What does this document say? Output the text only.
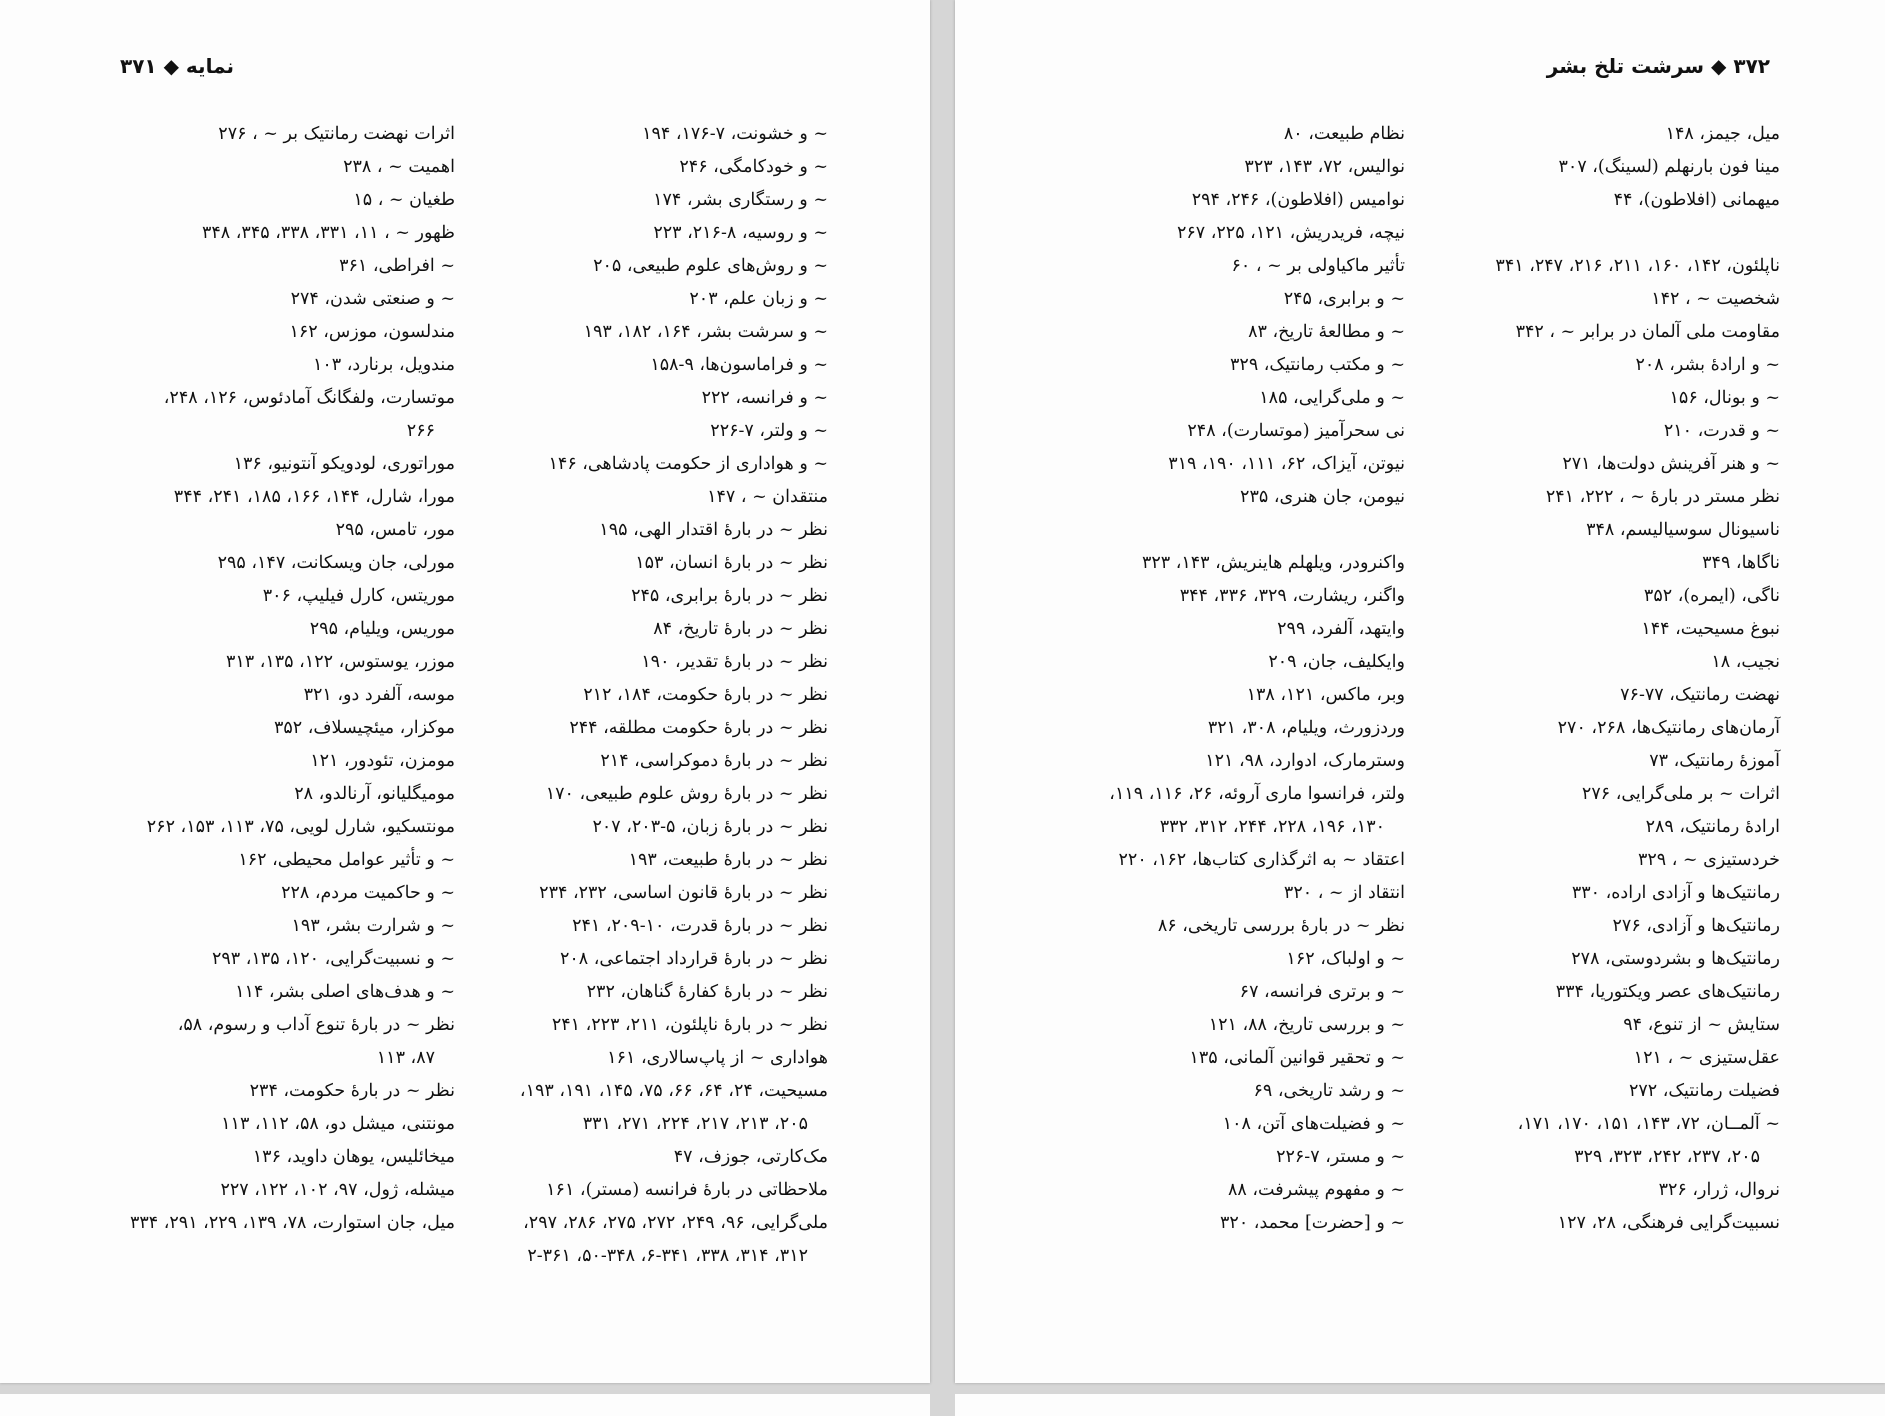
نمایه ◆ ۳۷۱
~ و خشونت، ۷-۱۷۶، ۱۹۴
~ و خودکامگی، ۲۴۶
~ و رستگاری بشر، ۱۷۴
~ و روسیه، ۸-۲۱۶، ۲۲۳
~ و روش‌های علوم طبیعی، ۲۰۵
~ و زبان علم، ۲۰۳
~ و سرشت بشر، ۱۶۴، ۱۸۲، ۱۹۳
~ و فراماسون‌ها، ۹-۱۵۸
~ و فرانسه، ۲۲۲
~ و ولتر، ۷-۲۲۶
~ و هواداری از حکومت پادشاهی، ۱۴۶
منتقدان ~ ، ۱۴۷
نظر ~ در بارهٔ اقتدار الهی، ۱۹۵
نظر ~ در بارهٔ انسان، ۱۵۳
نظر ~ در بارهٔ برابری، ۲۴۵
نظر ~ در بارهٔ تاریخ، ۸۴
نظر ~ در بارهٔ تقدیر، ۱۹۰
نظر ~ در بارهٔ حکومت، ۱۸۴، ۲۱۲
نظر ~ در بارهٔ حکومت مطلقه، ۲۴۴
نظر ~ در بارهٔ دموکراسی، ۲۱۴
نظر ~ در بارهٔ روش علوم طبیعی، ۱۷۰
نظر ~ در بارهٔ زبان، ۵-۲۰۳، ۲۰۷
نظر ~ در بارهٔ طبیعت، ۱۹۳
نظر ~ در بارهٔ قانون اساسی، ۲۳۲، ۲۳۴
نظر ~ در بارهٔ قدرت، ۱۰-۲۰۹، ۲۴۱
نظر ~ در بارهٔ قرارداد اجتماعی، ۲۰۸
نظر ~ در بارهٔ کفارهٔ گناهان، ۲۳۲
نظر ~ در بارهٔ ناپلئون، ۲۱۱، ۲۲۳، ۲۴۱
هواداری ~ از پاپ‌سالاری، ۱۶۱
مسیحیت، ۲۴، ۶۴، ۶۶، ۷۵، ۱۴۵، ۱۹۱، ۱۹۳،
۲۰۵، ۲۱۳، ۲۱۷، ۲۲۴، ۲۷۱، ۳۳۱
مک‌کارتی، جوزف، ۴۷
ملاحظاتی در بارهٔ فرانسه (مستر)، ۱۶۱
ملی‌گرایی، ۹۶، ۲۴۹، ۲۷۲، ۲۷۵، ۲۸۶، ۲۹۷،
۳۱۲، ۳۱۴، ۳۳۸، ۶-۳۴۱، ۵۰-۳۴۸، ۲-۳۶۱
اثرات نهضت رمانتیک بر ~ ، ۲۷۶
اهمیت ~ ، ۲۳۸
طغیان ~ ، ۱۵
ظهور ~ ، ۱۱، ۳۳۱، ۳۳۸، ۳۴۵، ۳۴۸
~ افراطی، ۳۶۱
~ و صنعتی شدن، ۲۷۴
مندلسون، موزس، ۱۶۲
مندویل، برنارد، ۱۰۳
موتسارت، ولفگانگ آمادئوس، ۱۲۶، ۲۴۸،
۲۶۶
موراتوری، لودویکو آنتونیو، ۱۳۶
مورا، شارل، ۱۴۴، ۱۶۶، ۱۸۵، ۲۴۱، ۳۴۴
مور، تامس، ۲۹۵
مورلی، جان ویسکانت، ۱۴۷، ۲۹۵
موریتس، کارل فیلیپ، ۳۰۶
موریس، ویلیام، ۲۹۵
موزر، یوستوس، ۱۲۲، ۱۳۵، ۳۱۳
موسه، آلفرد دو، ۳۲۱
موکزار، میئچیسلاف، ۳۵۲
مومزن، تئودور، ۱۲۱
مومیگلیانو، آرنالدو، ۲۸
مونتسکیو، شارل لویی، ۷۵، ۱۱۳، ۱۵۳، ۲۶۲
~ و تأثیر عوامل محیطی، ۱۶۲
~ و حاکمیت مردم، ۲۲۸
~ و شرارت بشر، ۱۹۳
~ و نسبیت‌گرایی، ۱۲۰، ۱۳۵، ۲۹۳
~ و هدف‌های اصلی بشر، ۱۱۴
نظر ~ در بارهٔ تنوع آداب و رسوم، ۵۸،
۸۷، ۱۱۳
نظر ~ در بارهٔ حکومت، ۲۳۴
مونتنی، میشل دو، ۵۸، ۱۱۲، ۱۱۳
میخائلیس، یوهان داوید، ۱۳۶
میشله، ژول، ۹۷، ۱۰۲، ۱۲۲، ۲۲۷
میل، جان استوارت، ۷۸، ۱۳۹، ۲۲۹، ۲۹۱، ۳۳۴
۳۷۲ ◆ سرشت تلخ بشر
میل، جیمز، ۱۴۸
مینا فون بارنهلم (لسینگ)، ۳۰۷
میهمانی (افلاطون)، ۴۴
ناپلئون، ۱۴۲، ۱۶۰، ۲۱۱، ۲۱۶، ۲۴۷، ۳۴۱
شخصیت ~ ، ۱۴۲
مقاومت ملی آلمان در برابر ~ ، ۳۴۲
~ و ارادهٔ بشر، ۲۰۸
~ و بونال، ۱۵۶
~ و قدرت، ۲۱۰
~ و هنر آفرینش دولت‌ها، ۲۷۱
نظر مستر در بارهٔ ~ ، ۲۲۲، ۲۴۱
ناسیونال سوسیالیسم، ۳۴۸
ناگاها، ۳۴۹
ناگی، (ایمره)، ۳۵۲
نبوغ مسیحیت، ۱۴۴
نجیب، ۱۸
نهضت رمانتیک، ۷۷-۷۶
آرمان‌های رمانتیک‌ها، ۲۶۸، ۲۷۰
آموزهٔ رمانتیک، ۷۳
اثرات ~ بر ملی‌گرایی، ۲۷۶
ارادهٔ رمانتیک، ۲۸۹
خردستیزی ~ ، ۳۲۹
رمانتیک‌ها و آزادی اراده، ۳۳۰
رمانتیک‌ها و آزادی، ۲۷۶
رمانتیک‌ها و بشردوستی، ۲۷۸
رمانتیک‌های عصر ویکتوریا، ۳۳۴
ستایش ~ از تنوع، ۹۴
عقل‌ستیزی ~ ، ۱۲۱
فضیلت رمانتیک، ۲۷۲
~ آلمــان، ۷۲، ۱۴۳، ۱۵۱، ۱۷۰، ۱۷۱،
۲۰۵، ۲۳۷، ۲۴۲، ۳۲۳، ۳۲۹
نروال، ژرار، ۳۲۶
نسبیت‌گرایی فرهنگی، ۲۸، ۱۲۷
نظام طبیعت، ۸۰
نوالیس، ۷۲، ۱۴۳، ۳۲۳
نوامیس (افلاطون)، ۲۴۶، ۲۹۴
نیچه، فریدریش، ۱۲۱، ۲۲۵، ۲۶۷
تأثیر ماکیاولی بر ~ ، ۶۰
~ و برابری، ۲۴۵
~ و مطالعهٔ تاریخ، ۸۳
~ و مکتب رمانتیک، ۳۲۹
~ و ملی‌گرایی، ۱۸۵
نی سحرآمیز (موتسارت)، ۲۴۸
نیوتن، آیزاک، ۶۲، ۱۱۱، ۱۹۰، ۳۱۹
نیومن، جان هنری، ۲۳۵
واکنرودر، ویلهلم هاینریش، ۱۴۳، ۳۲۳
واگنر، ریشارت، ۳۲۹، ۳۳۶، ۳۴۴
وایتهد، آلفرد، ۲۹۹
وایکلیف، جان، ۲۰۹
وبر، ماکس، ۱۲۱، ۱۳۸
وردزورث، ویلیام، ۳۰۸، ۳۲۱
وسترمارک، ادوارد، ۹۸، ۱۲۱
ولتر، فرانسوا ماری آروئه، ۲۶، ۱۱۶، ۱۱۹،
۱۳۰، ۱۹۶، ۲۲۸، ۲۴۴، ۳۱۲، ۳۳۲
اعتقاد ~ به اثرگذاری کتاب‌ها، ۱۶۲، ۲۲۰
انتقاد از ~ ، ۳۲۰
نظر ~ در بارهٔ بررسی تاریخی، ۸۶
~ و اولباک، ۱۶۲
~ و برتری فرانسه، ۶۷
~ و بررسی تاریخ، ۸۸، ۱۲۱
~ و تحقیر قوانین آلمانی، ۱۳۵
~ و رشد تاریخی، ۶۹
~ و فضیلت‌های آتن، ۱۰۸
~ و مستر، ۷-۲۲۶
~ و مفهوم پیشرفت، ۸۸
~ و [حضرت] محمد، ۳۲۰
